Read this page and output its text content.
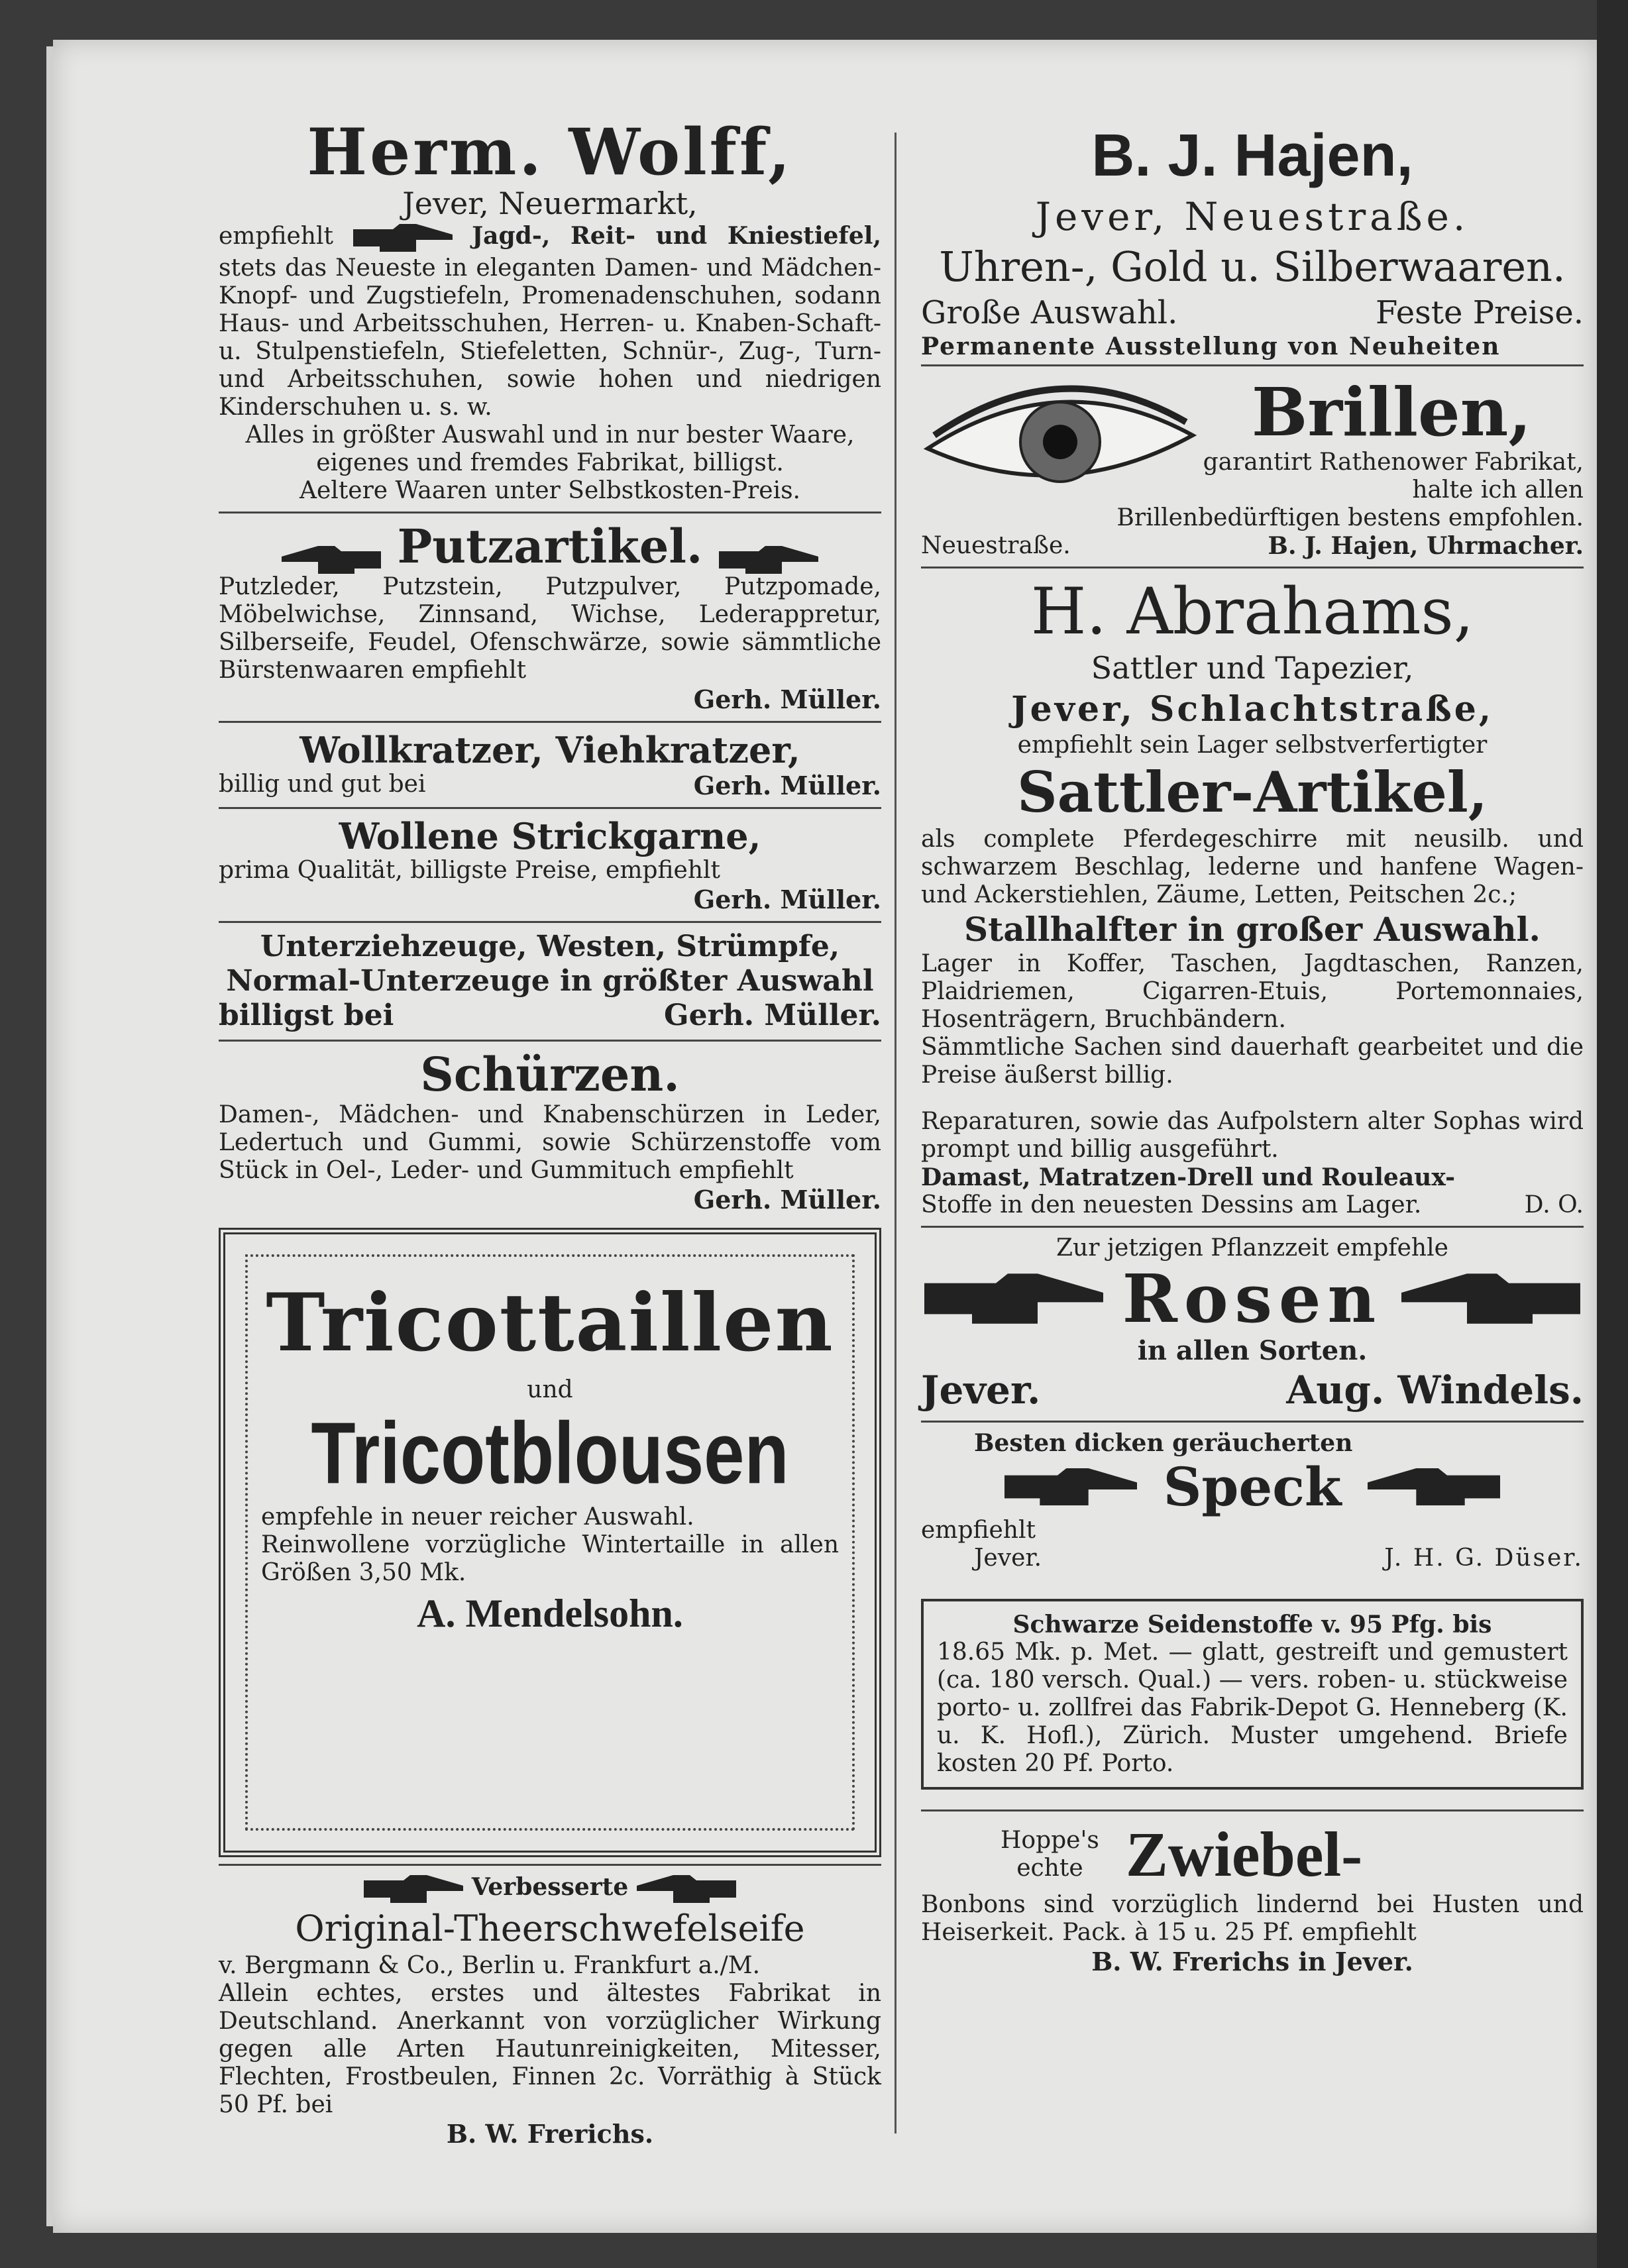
Herm. Wolff,
Jever, Neuermarkt,

empfiehlt	Jagd-, Reit- und Kniestiefel, stets das Neueste in eleganten Damen- und Mädchen-Knopf- und Zugstiefeln, Promenadenschuhen, sodann Haus- und Arbeitsschuhen, Herren- u. Knaben-Schaft- u. Stulpenstiefeln, Stiefeletten, Schnür-, Zug-, Turn- und Arbeitsschuhen, sowie hohen und niedrigen Kinderschuhen u. s. w.

Alles in größter Auswahl und in nur bester Waare, eigenes und fremdes Fabrikat, billigst.

Aeltere Waaren unter Selbstkosten-Preis.

Putzartikel.

Putzleder, Putzstein, Putzpulver, Putzpomade, Möbelwichse, Zinnsand, Wichse, Lederappretur, Silberseife, Feudel, Ofenschwärze, sowie sämmtliche Bürstenwaaren empfiehlt

Gerh. Müller.
Wollkratzer, Viehkratzer,
billig und gut bei	Gerh. Müller.
Wollene Strickgarne,

prima Qualität, billigste Preise, empfiehlt

Gerh. Müller.
Unterziehzeuge, Westen, Strümpfe,
Normal-Unterzeuge in größter Auswahl
billigst bei	Gerh. Müller.
Schürzen.

Damen-, Mädchen- und Knabenschürzen in Leder, Ledertuch und Gummi, sowie Schürzenstoffe vom Stück in Oel-, Leder- und Gummituch empfiehlt

Gerh. Müller.
Tricottaillen
und
Tricotblousen

empfehle in neuer reicher Auswahl.

Reinwollene vorzügliche Wintertaille in allen Größen 3,50 Mk.

A. Mendelsohn.
Verbesserte
Original-Theerschwefelseife

v. Bergmann & Co., Berlin u. Frankfurt a./M.

Allein echtes, erstes und ältestes Fabrikat in Deutschland. Anerkannt von vorzüglicher Wirkung gegen alle Arten Hautunreinigkeiten, Mitesser, Flechten, Frostbeulen, Finnen 2c. Vorräthig à Stück 50 Pf. bei

B. W. Frerichs.
B. J. Hajen,
Jever, Neuestraße.
Uhren-, Gold u. Silberwaaren.
Große Auswahl.	Feste Preise.
Permanente Ausstellung von Neuheiten
Brillen,

garantirt Rathenower Fabrikat, halte ich allen Brillenbedürftigen bestens empfohlen.

Neuestraße.	B. J. Hajen, Uhrmacher.
H. Abrahams,
Sattler und Tapezier,
Jever, Schlachtstraße,

empfiehlt sein Lager selbstverfertigter

Sattler-Artikel,

als complete Pferdegeschirre mit neusilb. und schwarzem Beschlag, lederne und hanfene Wagen- und Ackerstiehlen, Zäume, Letten, Peitschen 2c.;

Stallhalfter in großer Auswahl.

Lager in Koffer, Taschen, Jagdtaschen, Ranzen, Plaidriemen, Cigarren-Etuis, Portemonnaies, Hosenträgern, Bruchbändern.

Sämmtliche Sachen sind dauerhaft gearbeitet und die Preise äußerst billig.

Reparaturen, sowie das Aufpolstern alter Sophas wird prompt und billig ausgeführt.

Damast, Matratzen-Drell und Rouleaux-
Stoffe in den neuesten Dessins am Lager.	D. O.

Zur jetzigen Pflanzzeit empfehle

Rosen
in allen Sorten.
Jever.	Aug. Windels.

Besten dicken geräucherten

Speck

empfiehlt

Jever.	J. H. G. Düser.
Schwarze Seidenstoffe v. 95 Pfg. bis

18.65 Mk. p. Met. — glatt, gestreift und gemustert (ca. 180 versch. Qual.) — vers. roben- u. stückweise porto- u. zollfrei das Fabrik-Depot G. Henneberg (K. u. K. Hofl.), Zürich. Muster umgehend. Briefe kosten 20 Pf. Porto.

Hoppe's
echte Zwiebel-

Bonbons sind vorzüglich lindernd bei Husten und Heiserkeit. Pack. à 15 u. 25 Pf. empfiehlt

B. W. Frerichs in Jever.
